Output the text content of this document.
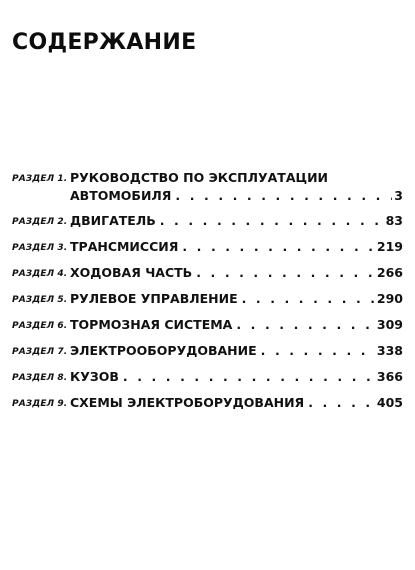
СОДЕРЖАНИЕ
РАЗДЕЛ 1. РУКОВОДСТВО ПО ЭКСПЛУАТАЦИИ
АВТОМОБИЛЯ . . .	3
РАЗДЕЛ 2. ДВИГАТЕЛЬ . . .	83
РАЗДЕЛ 3. ТРАНСМИССИЯ . . .	219
РАЗДЕЛ 4. ХОДОВАЯ ЧАСТЬ . . .	266
РАЗДЕЛ 5. РУЛЕВОЕ УПРАВЛЕНИЕ . . .	290
РАЗДЕЛ 6. ТОРМОЗНАЯ СИСТЕМА . . .	309
РАЗДЕЛ 7. ЭЛЕКТРООБОРУДОВАНИЕ . . .	338
РАЗДЕЛ 8. КУЗОВ . . .	366
РАЗДЕЛ 9. СХЕМЫ ЭЛЕКТРОБОРУДОВАНИЯ . . .	405
